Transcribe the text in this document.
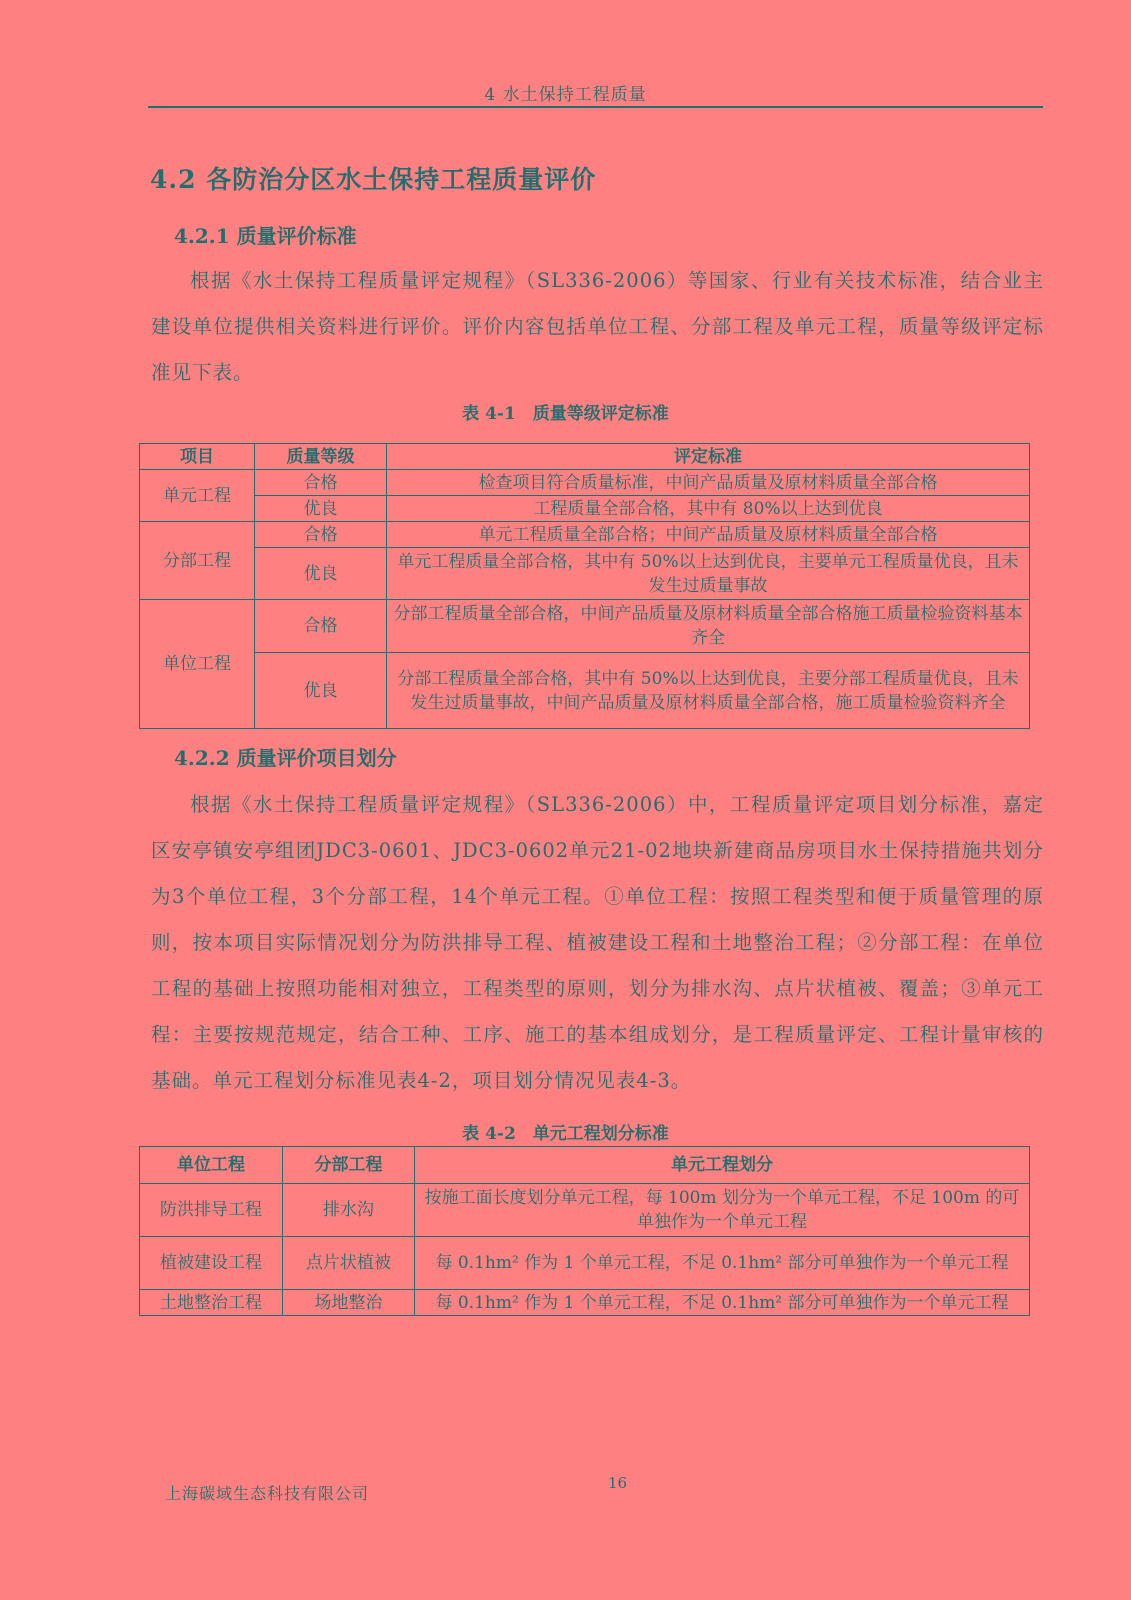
4 水土保持工程质量
4.2 各防治分区水土保持工程质量评价
4.2.1 质量评价标准

根据《水土保持工程质量评定规程》（SL336-2006）等国家、行业有关技术标准，结合业主建设单位提供相关资料进行评价。评价内容包括单位工程、分部工程及单元工程，质量等级评定标准见下表。

表 4-1　质量等级评定标准
项目	质量等级	评定标准
单元工程	合格	检查项目符合质量标准，中间产品质量及原材料质量全部合格
	优良	工程质量全部合格，其中有 80%以上达到优良
分部工程	合格	单元工程质量全部合格；中间产品质量及原材料质量全部合格
	优良	单元工程质量全部合格，其中有 50%以上达到优良，主要单元工程质量优良，且未发生过质量事故
单位工程	合格	分部工程质量全部合格，中间产品质量及原材料质量全部合格施工质量检验资料基本齐全
	优良	分部工程质量全部合格，其中有 50%以上达到优良，主要分部工程质量优良，且未发生过质量事故，中间产品质量及原材料质量全部合格，施工质量检验资料齐全
4.2.2 质量评价项目划分

根据《水土保持工程质量评定规程》（SL336-2006）中，工程质量评定项目划分标准，嘉定区安亭镇安亭组团JDC3-0601、JDC3-0602单元21-02地块新建商品房项目水土保持措施共划分为3个单位工程，3个分部工程，14个单元工程。①单位工程：按照工程类型和便于质量管理的原则，按本项目实际情况划分为防洪排导工程、植被建设工程和土地整治工程；②分部工程：在单位工程的基础上按照功能相对独立，工程类型的原则，划分为排水沟、点片状植被、覆盖；③单元工程：主要按规范规定，结合工种、工序、施工的基本组成划分，是工程质量评定、工程计量审核的基础。单元工程划分标准见表4-2，项目划分情况见表4-3。

表 4-2　单元工程划分标准
单位工程	分部工程	单元工程划分
防洪排导工程	排水沟	按施工面长度划分单元工程，每 100m 划分为一个单元工程，不足 100m 的可单独作为一个单元工程
植被建设工程	点片状植被	每 0.1hm² 作为 1 个单元工程，不足 0.1hm² 部分可单独作为一个单元工程
土地整治工程	场地整治	每 0.1hm² 作为 1 个单元工程，不足 0.1hm² 部分可单独作为一个单元工程
上海碳域生态科技有限公司
16
